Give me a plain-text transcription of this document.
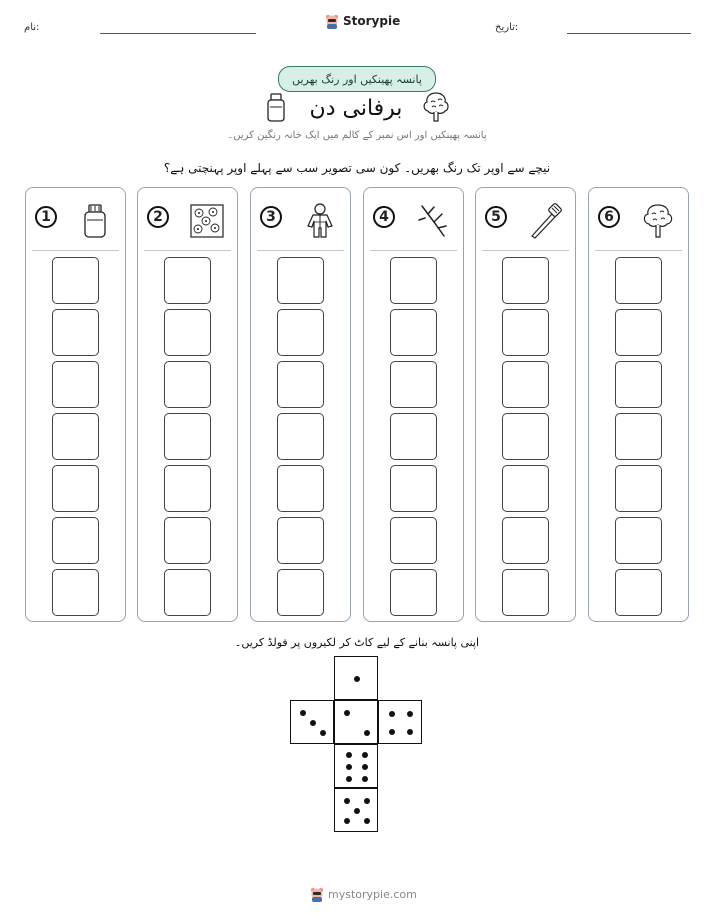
نام:	Storypie	تاریخ:
پانسہ پھینکیں اور رنگ بھریں
برفانی دن
پانسہ پھینکیں اور اس نمبر کے کالم میں ایک خانہ رنگین کریں۔
نیچے سے اوپر تک رنگ بھریں۔ کون سی تصویر سب سے پہلے اوپر پہنچتی ہے؟
1	2	3	4	5	6
اپنی پانسہ بنانے کے لیے کاٹ کر لکیروں پر فولڈ کریں۔
mystorypie.com
